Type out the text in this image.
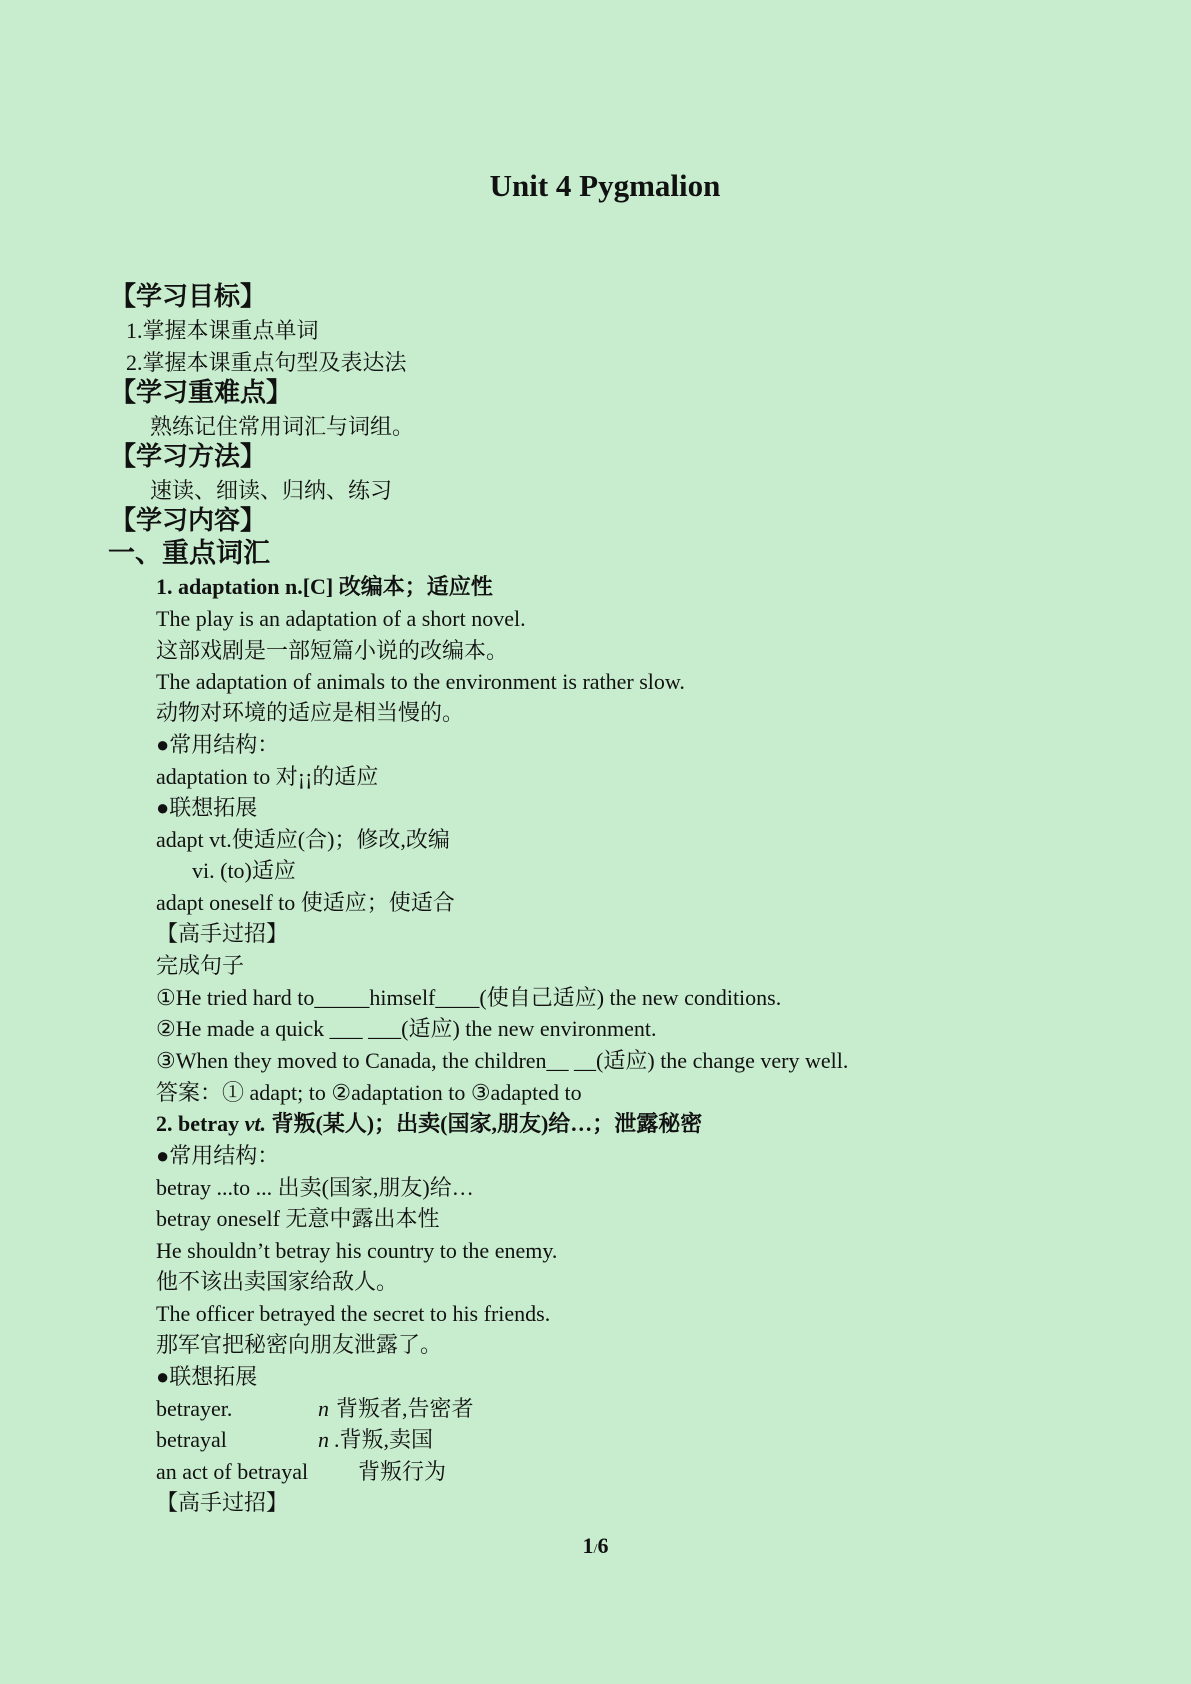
Unit 4 Pygmalion
【学习目标】
1.掌握本课重点单词
2.掌握本课重点句型及表达法
【学习重难点】
熟练记住常用词汇与词组。
【学习方法】
速读、细读、归纳、练习
【学习内容】
一、重点词汇
1. adaptation n.[C] 改编本；适应性
The play is an adaptation of a short novel.
这部戏剧是一部短篇小说的改编本。
The adaptation of animals to the environment is rather slow.
动物对环境的适应是相当慢的。
●常用结构：
adaptation to 对¡¡的适应
●联想拓展
adapt vt.使适应(合)；修改,改编
vi. (to)适应
adapt oneself to 使适应；使适合
【高手过招】
完成句子
①He tried hard to_____himself____(使自己适应) the new conditions.
②He made a quick ___ ___(适应) the new environment.
③When they moved to Canada, the children__ __(适应) the change very well.
答案：① adapt; to ②adaptation to ③adapted to
2. betray vt. 背叛(某人)；出卖(国家,朋友)给…；泄露秘密
●常用结构：
betray ...to ... 出卖(国家,朋友)给…
betray oneself 无意中露出本性
He shouldn’t betray his country to the enemy.
他不该出卖国家给敌人。
The officer betrayed the secret to his friends.
那军官把秘密向朋友泄露了。
●联想拓展
betrayer.	n 背叛者,告密者
betrayal	n .背叛,卖国
an act of betrayal 背叛行为
【高手过招】
1/6
